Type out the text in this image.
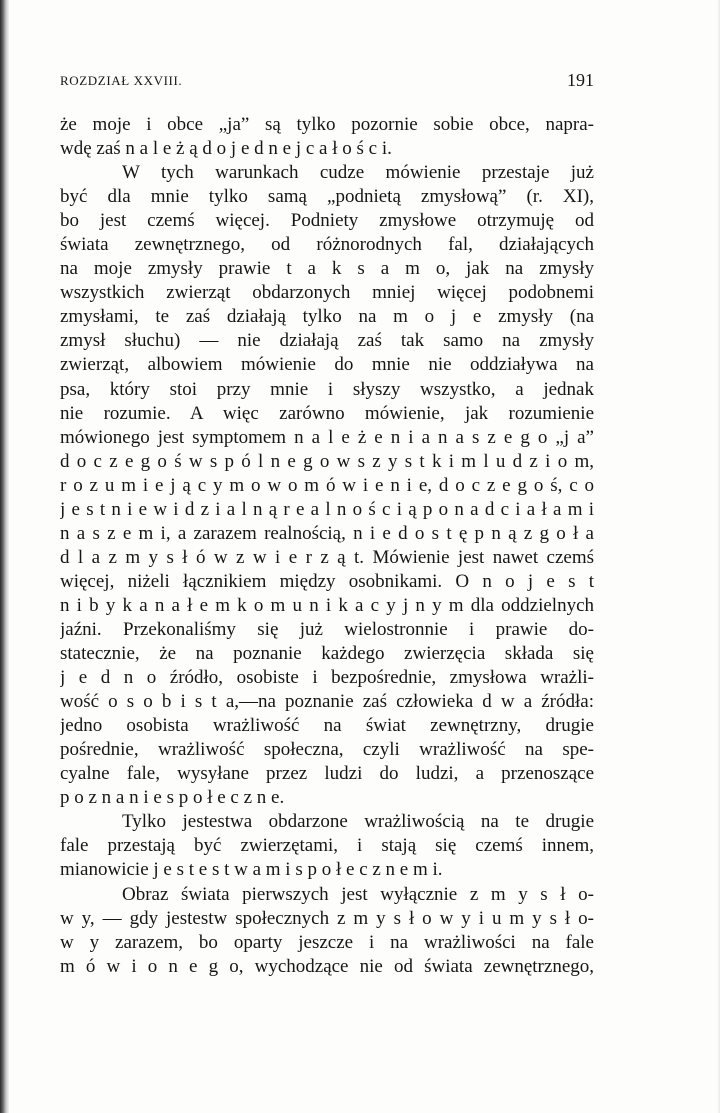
ROZDZIAŁ XXVIII.	191
że moje i obce „ja” są tylko pozornie sobie obce, napra-
wdę zaś n a l e ż ą d o j e d n e j c a ł o ś c i.
W tych warunkach cudze mówienie przestaje już
być dla mnie tylko samą „podnietą zmysłową” (r. XI),
bo jest czemś więcej. Podniety zmysłowe otrzymuję od
świata zewnętrznego, od różnorodnych fal, działających
na moje zmysły prawie t a k s a m o, jak na zmysły
wszystkich zwierząt obdarzonych mniej więcej podobnemi
zmysłami, te zaś działają tylko na m o j e zmysły (na
zmysł słuchu) — nie działają zaś tak samo na zmysły
zwierząt, albowiem mówienie do mnie nie oddziaływa na
psa, który stoi przy mnie i słyszy wszystko, a jednak
nie rozumie. A więc zarówno mówienie, jak rozumienie
mówionego jest symptomem n a l e ż e n i a n a s z e g o „j a”
d o c z e g o ś w s p ó l n e g o w s z y s t k i m l u d z i o m,
r o z u m i e j ą c y m o w o m ó w i e n i e, d o c z e g o ś, c o
j e s t n i e w i d z i a l n ą r e a l n o ś c i ą p o n a d c i a ł a m i
n a s z e m i, a zarazem realnością, n i e d o s t ę p n ą z g o ł a
d l a z m y s ł ó w z w i e r z ą t. Mówienie jest nawet czemś
więcej, niżeli łącznikiem między osobnikami. O n o j e s t
n i b y k a n a ł e m k o m u n i k a c y j n y m dla oddzielnych
jaźni. Przekonaliśmy się już wielostronnie i prawie do-
statecznie, że na poznanie każdego zwierzęcia składa się
j e d n o źródło, osobiste i bezpośrednie, zmysłowa wrażli-
wość o s o b i s t a,—na poznanie zaś człowieka d w a źródła:
jedno osobista wrażliwość na świat zewnętrzny, drugie
pośrednie, wrażliwość społeczna, czyli wrażliwość na spe-
cyalne fale, wysyłane przez ludzi do ludzi, a przenoszące
p o z n a n i e s p o ł e c z n e.
Tylko jestestwa obdarzone wrażliwością na te drugie
fale przestają być zwierzętami, i stają się czemś innem,
mianowicie j e s t e s t w a m i s p o ł e c z n e m i.
Obraz świata pierwszych jest wyłącznie z m y s ł o-
w y, — gdy jestestw społecznych z m y s ł o w y i u m y s ł o-
w y zarazem, bo oparty jeszcze i na wrażliwości na fale
m ó w i o n e g o, wychodzące nie od świata zewnętrznego,
